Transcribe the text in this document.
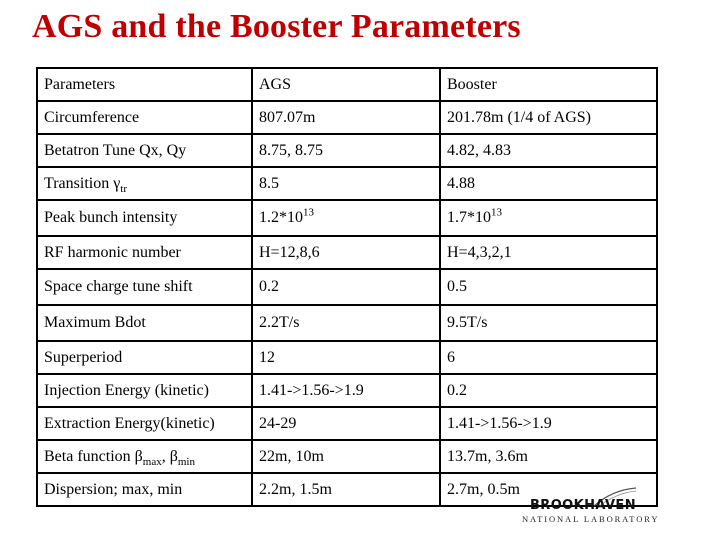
AGS and the Booster Parameters
Parameters	AGS	Booster
Circumference	807.07m	201.78m (1/4 of AGS)
Betatron Tune Qx, Qy	8.75, 8.75	4.82, 4.83
Transition $\gamma_{tr}$	8.5	4.88
Peak bunch intensity	$1.2*10^{13}$	$1.7*10^{13}$
RF harmonic number	H=12,8,6	H=4,3,2,1
Space charge tune shift	0.2	0.5
Maximum Bdot	2.2T/s	9.5T/s
Superperiod	12	6
Injection Energy (kinetic)	1.41->1.56->1.9	0.2
Extraction Energy(kinetic)	24-29	1.41->1.56->1.9
Beta function $\beta_{max}$, $\beta_{min}$	22m, 10m	13.7m, 3.6m
Dispersion; max, min	2.2m, 1.5m	2.7m, 0.5m
BROOKHAVEN
NATIONAL LABORATORY
